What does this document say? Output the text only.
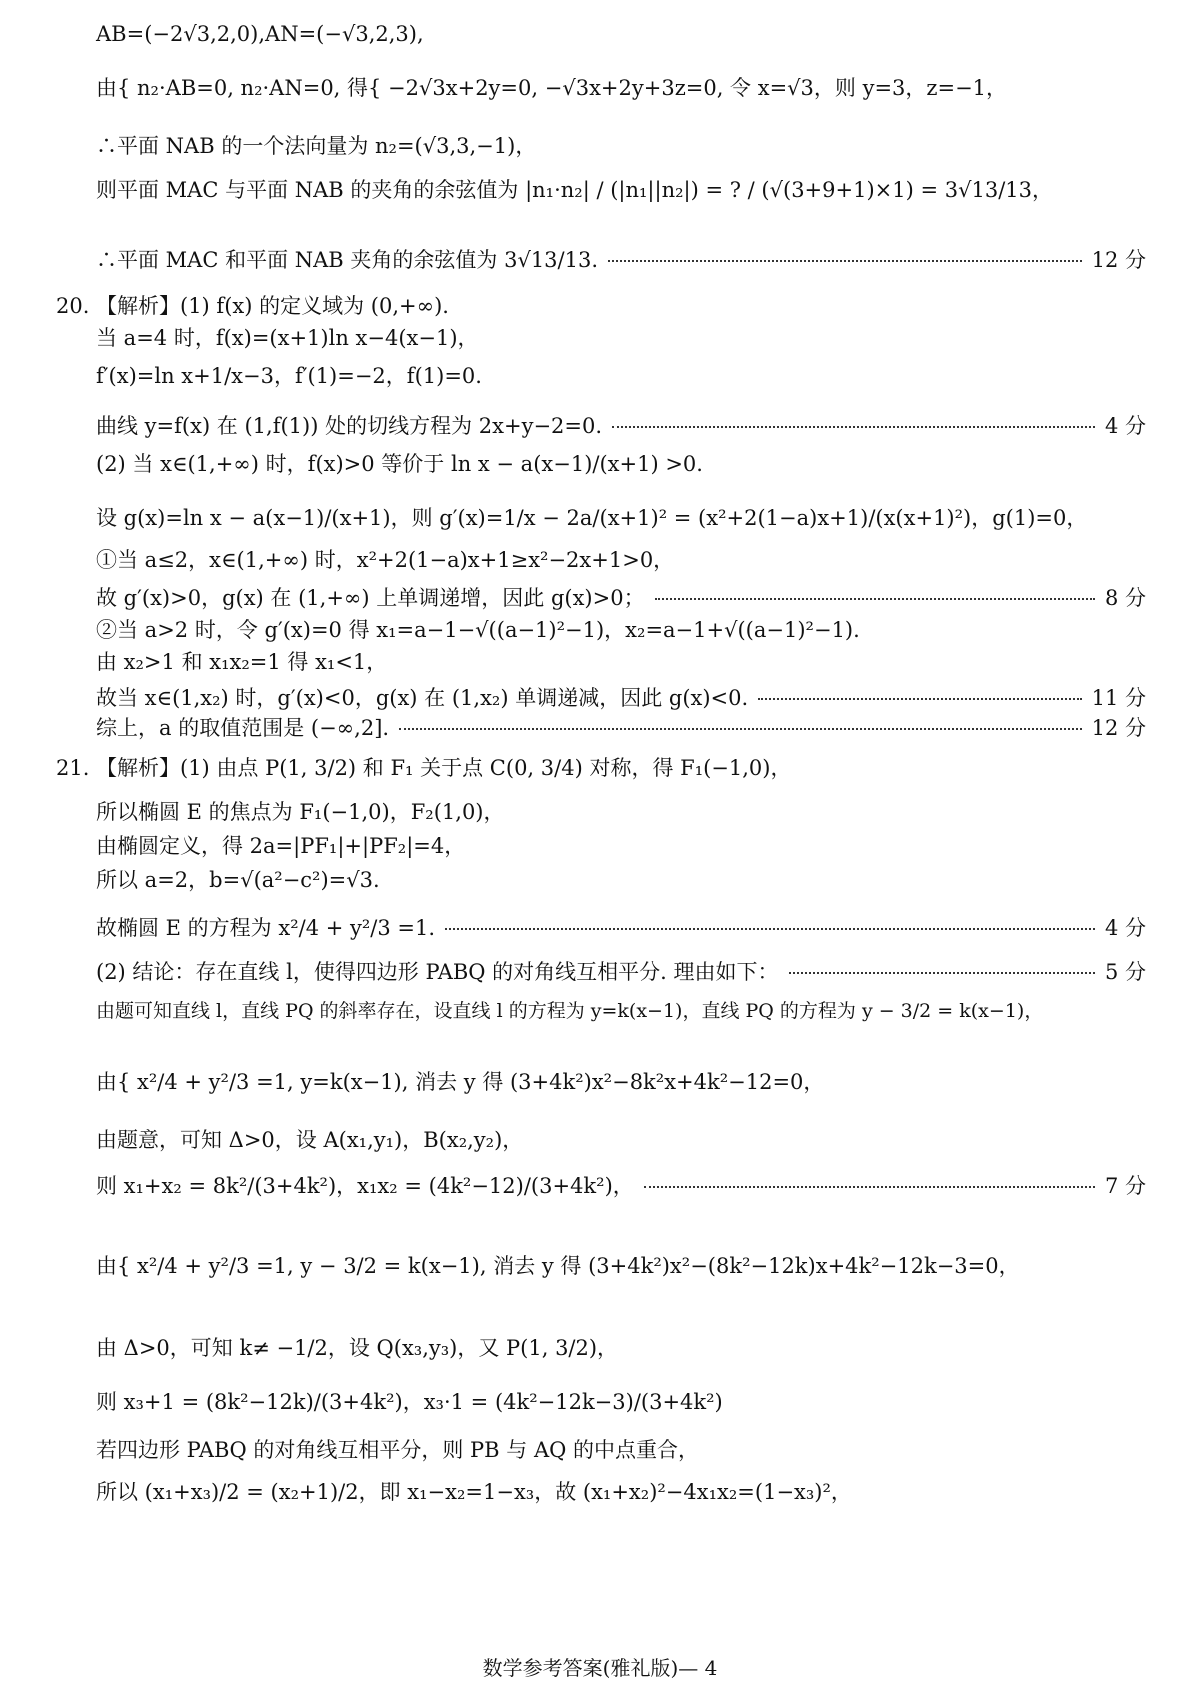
AB=(−2√3,2,0),AN=(−√3,2,3),
由{ n₂·AB=0, n₂·AN=0, 得{ −2√3x+2y=0, −√3x+2y+3z=0, 令 x=√3，则 y=3，z=−1，
∴平面 NAB 的一个法向量为 n₂=(√3,3,−1)，
则平面 MAC 与平面 NAB 的夹角的余弦值为 |n₁·n₂| / (|n₁||n₂|) = ? / (√(3+9+1)×1) = 3√13/13，
∴平面 MAC 和平面 NAB 夹角的余弦值为 3√13/13.	12 分
20. 【解析】(1) f(x) 的定义域为 (0,+∞).
当 a=4 时，f(x)=(x+1)ln x−4(x−1)，
f′(x)=ln x+1/x−3，f′(1)=−2，f(1)=0.
曲线 y=f(x) 在 (1,f(1)) 处的切线方程为 2x+y−2=0.	4 分
(2) 当 x∈(1,+∞) 时，f(x)>0 等价于 ln x − a(x−1)/(x+1) >0.
设 g(x)=ln x − a(x−1)/(x+1)，则 g′(x)=1/x − 2a/(x+1)² = (x²+2(1−a)x+1)/(x(x+1)²)，g(1)=0，
①当 a≤2，x∈(1,+∞) 时，x²+2(1−a)x+1≥x²−2x+1>0，
故 g′(x)>0，g(x) 在 (1,+∞) 上单调递增，因此 g(x)>0；	8 分
②当 a>2 时，令 g′(x)=0 得 x₁=a−1−√((a−1)²−1)，x₂=a−1+√((a−1)²−1).
由 x₂>1 和 x₁x₂=1 得 x₁<1，
故当 x∈(1,x₂) 时，g′(x)<0，g(x) 在 (1,x₂) 单调递减，因此 g(x)<0.	11 分
综上，a 的取值范围是 (−∞,2].	12 分
21. 【解析】(1) 由点 P(1, 3/2) 和 F₁ 关于点 C(0, 3/4) 对称，得 F₁(−1,0)，
所以椭圆 E 的焦点为 F₁(−1,0)，F₂(1,0)，
由椭圆定义，得 2a=|PF₁|+|PF₂|=4，
所以 a=2，b=√(a²−c²)=√3.
故椭圆 E 的方程为 x²/4 + y²/3 =1.	4 分
(2) 结论：存在直线 l，使得四边形 PABQ 的对角线互相平分. 理由如下：	5 分
由题可知直线 l，直线 PQ 的斜率存在，设直线 l 的方程为 y=k(x−1)，直线 PQ 的方程为 y − 3/2 = k(x−1)，
由{ x²/4 + y²/3 =1, y=k(x−1), 消去 y 得 (3+4k²)x²−8k²x+4k²−12=0，
由题意，可知 Δ>0，设 A(x₁,y₁)，B(x₂,y₂)，
则 x₁+x₂ = 8k²/(3+4k²)，x₁x₂ = (4k²−12)/(3+4k²)，	7 分
由{ x²/4 + y²/3 =1, y − 3/2 = k(x−1), 消去 y 得 (3+4k²)x²−(8k²−12k)x+4k²−12k−3=0，
由 Δ>0，可知 k≠ −1/2，设 Q(x₃,y₃)，又 P(1, 3/2)，
则 x₃+1 = (8k²−12k)/(3+4k²)，x₃·1 = (4k²−12k−3)/(3+4k²)
若四边形 PABQ 的对角线互相平分，则 PB 与 AQ 的中点重合，
所以 (x₁+x₃)/2 = (x₂+1)/2，即 x₁−x₂=1−x₃，故 (x₁+x₂)²−4x₁x₂=(1−x₃)²，
数学参考答案(雅礼版)— 4
